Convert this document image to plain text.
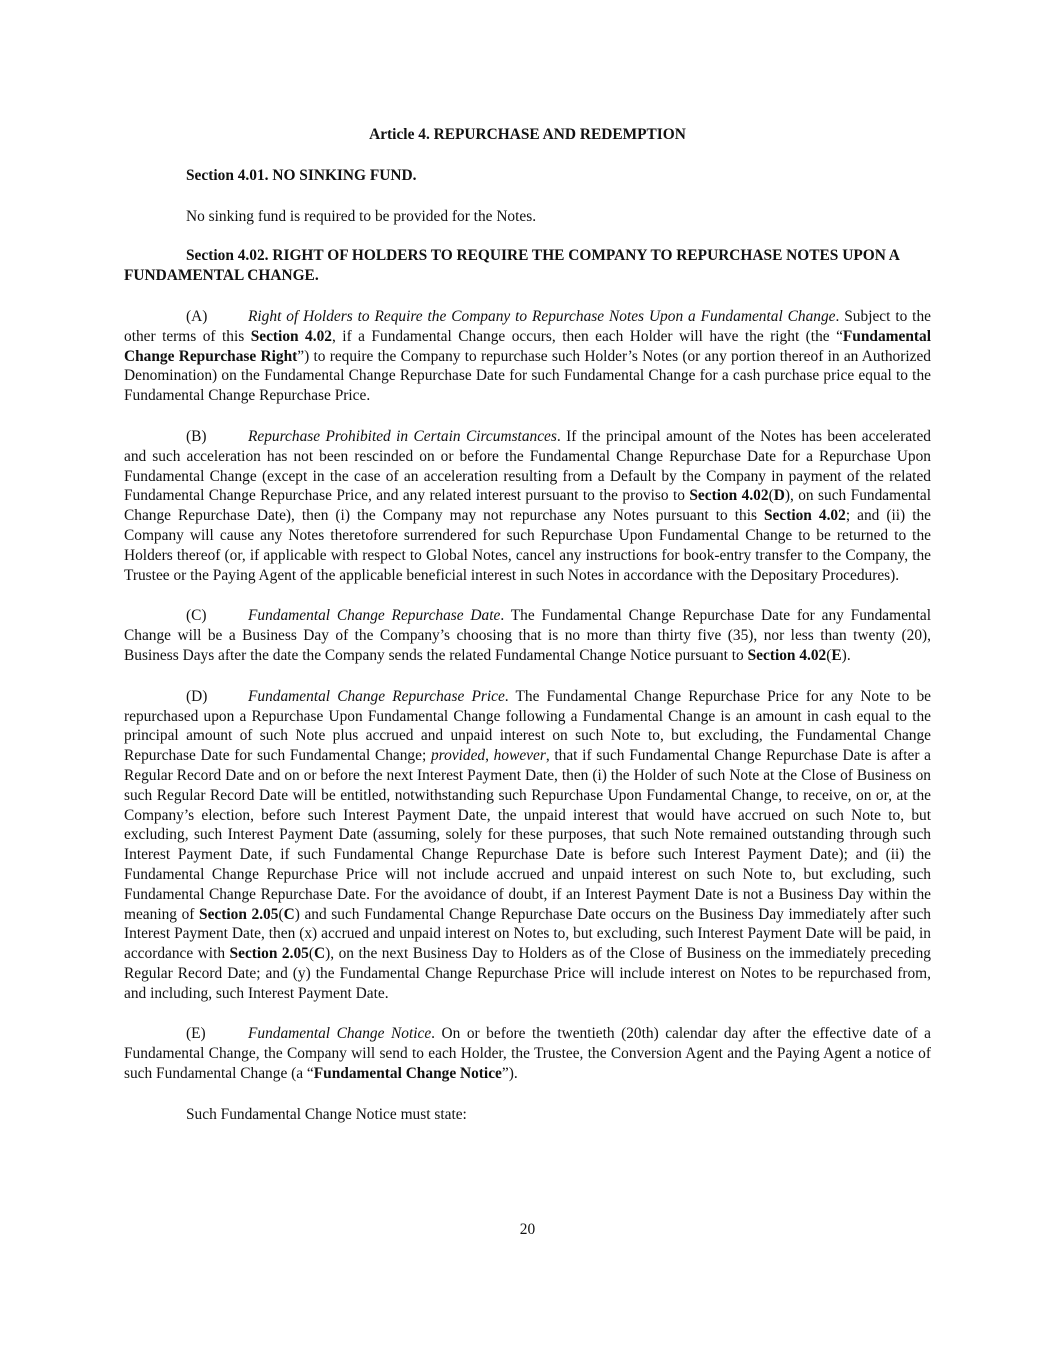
Article 4. REPURCHASE AND REDEMPTION
Section 4.01. NO SINKING FUND.
No sinking fund is required to be provided for the Notes.
Section 4.02. RIGHT OF HOLDERS TO REQUIRE THE COMPANY TO REPURCHASE NOTES UPON A FUNDAMENTAL CHANGE.
(A)	Right of Holders to Require the Company to Repurchase Notes Upon a Fundamental Change. Subject to the other terms of this Section 4.02, if a Fundamental Change occurs, then each Holder will have the right (the “Fundamental Change Repurchase Right”) to require the Company to repurchase such Holder’s Notes (or any portion thereof in an Authorized Denomination) on the Fundamental Change Repurchase Date for such Fundamental Change for a cash purchase price equal to the Fundamental Change Repurchase Price.
(B)	Repurchase Prohibited in Certain Circumstances. If the principal amount of the Notes has been accelerated and such acceleration has not been rescinded on or before the Fundamental Change Repurchase Date for a Repurchase Upon Fundamental Change (except in the case of an acceleration resulting from a Default by the Company in payment of the related Fundamental Change Repurchase Price, and any related interest pursuant to the proviso to Section 4.02(D), on such Fundamental Change Repurchase Date), then (i) the Company may not repurchase any Notes pursuant to this Section 4.02; and (ii) the Company will cause any Notes theretofore surrendered for such Repurchase Upon Fundamental Change to be returned to the Holders thereof (or, if applicable with respect to Global Notes, cancel any instructions for book-entry transfer to the Company, the Trustee or the Paying Agent of the applicable beneficial interest in such Notes in accordance with the Depositary Procedures).
(C)	Fundamental Change Repurchase Date. The Fundamental Change Repurchase Date for any Fundamental Change will be a Business Day of the Company’s choosing that is no more than thirty five (35), nor less than twenty (20), Business Days after the date the Company sends the related Fundamental Change Notice pursuant to Section 4.02(E).
(D)	Fundamental Change Repurchase Price. The Fundamental Change Repurchase Price for any Note to be repurchased upon a Repurchase Upon Fundamental Change following a Fundamental Change is an amount in cash equal to the principal amount of such Note plus accrued and unpaid interest on such Note to, but excluding, the Fundamental Change Repurchase Date for such Fundamental Change; provided, however, that if such Fundamental Change Repurchase Date is after a Regular Record Date and on or before the next Interest Payment Date, then (i) the Holder of such Note at the Close of Business on such Regular Record Date will be entitled, notwithstanding such Repurchase Upon Fundamental Change, to receive, on or, at the Company’s election, before such Interest Payment Date, the unpaid interest that would have accrued on such Note to, but excluding, such Interest Payment Date (assuming, solely for these purposes, that such Note remained outstanding through such Interest Payment Date, if such Fundamental Change Repurchase Date is before such Interest Payment Date); and (ii) the Fundamental Change Repurchase Price will not include accrued and unpaid interest on such Note to, but excluding, such Fundamental Change Repurchase Date. For the avoidance of doubt, if an Interest Payment Date is not a Business Day within the meaning of Section 2.05(C) and such Fundamental Change Repurchase Date occurs on the Business Day immediately after such Interest Payment Date, then (x) accrued and unpaid interest on Notes to, but excluding, such Interest Payment Date will be paid, in accordance with Section 2.05(C), on the next Business Day to Holders as of the Close of Business on the immediately preceding Regular Record Date; and (y) the Fundamental Change Repurchase Price will include interest on Notes to be repurchased from, and including, such Interest Payment Date.
(E)	Fundamental Change Notice. On or before the twentieth (20th) calendar day after the effective date of a Fundamental Change, the Company will send to each Holder, the Trustee, the Conversion Agent and the Paying Agent a notice of such Fundamental Change (a “Fundamental Change Notice”).
Such Fundamental Change Notice must state:
20
